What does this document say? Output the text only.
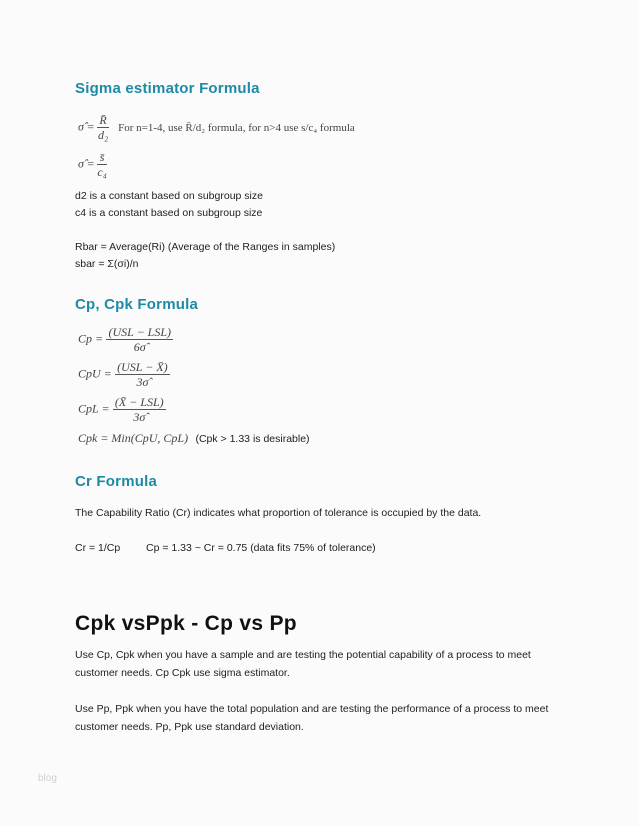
Sigma estimator Formula
σ̂ = $\frac{R̄}{\text{d₂}}$ For n=1-4, use R̄/d₂ formula, for n>4 use s/c₄ formula
σ̂ = $\frac{s̄}{\text{c₄}}$
d2 is a constant based on subgroup size
c4 is a constant based on subgroup size
Rbar = Average(Ri) (Average of the Ranges in samples)
sbar = Σ(σi)/n
Cp, Cpk Formula
$Cp = \frac{\text{(USL − LSL)}}{6\sigmâ}$
CpU = $\frac{\text{(USL − X̄)}}{3\sigmâ}$
CpL = $\frac{\text{(X̄ − LSL)}}{3\sigmâ}$
Cpk = Min(CpU, CpL) (Cpk > 1.33 is desirable)
Cr Formula
The Capability Ratio (Cr) indicates what proportion of tolerance is occupied by the data.
Cr = 1/Cp Cp = 1.33 ~ Cr = 0.75 (data fits 75% of tolerance)
Cpk vsPpk - Cp vs Pp
Use Cp, Cpk when you have a sample and are testing the potential capability of a process to meet customer needs. Cp Cpk use sigma estimator.
Use Pp, Ppk when you have the total population and are testing the performance of a process to meet customer needs. Pp, Ppk use standard deviation.
blog
